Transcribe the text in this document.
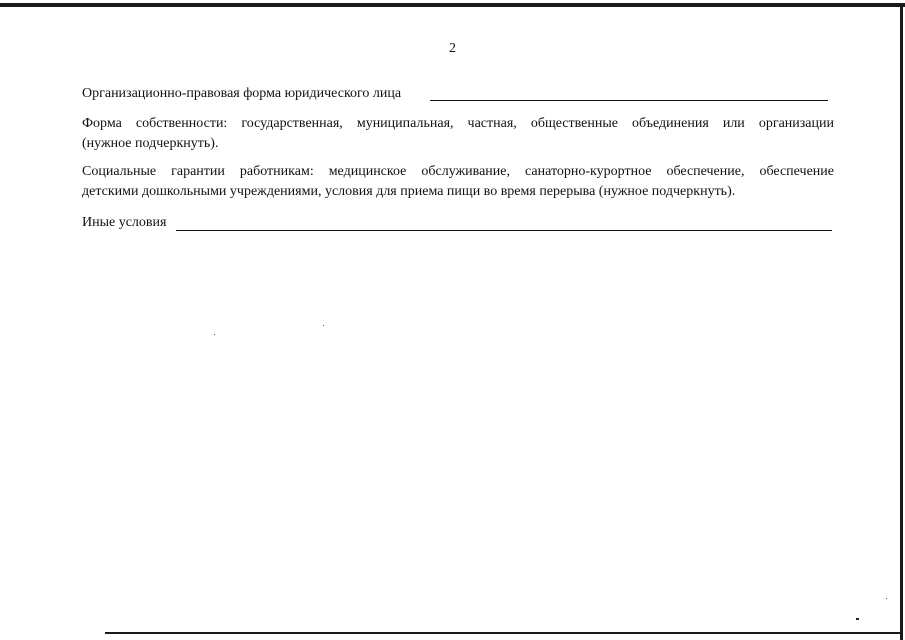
2
Организационно-правовая форма юридического лица
Форма собственности: государственная, муниципальная, частная, общественные объединения или организации
(нужное подчеркнуть).
Социальные гарантии работникам: медицинское обслуживание, санаторно-курортное обеспечение, обеспечение
детскими дошкольными учреждениями, условия для приема пищи во время перерыва (нужное подчеркнуть).
Иные условия
